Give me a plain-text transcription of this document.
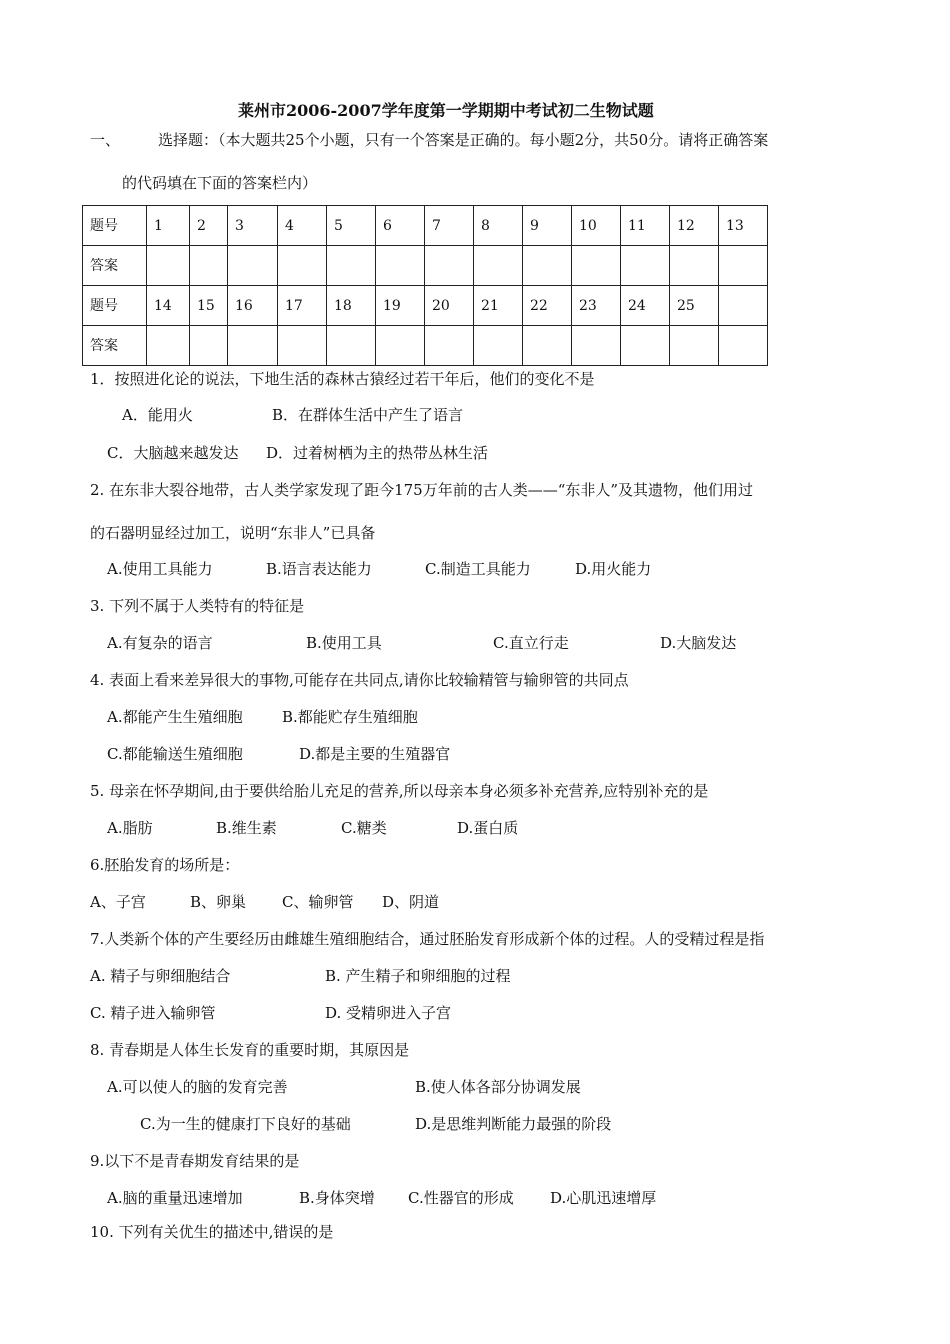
莱州市2006-2007学年度第一学期期中考试初二生物试题
一、	选择题：（本大题共25个小题，只有一个答案是正确的。每小题2分，共50分。请将正确答案
的代码填在下面的答案栏内）
题号	1	2	3	4	5	6	7	8	9	10	11	12	13
答案													
题号	14	15	16	17	18	19	20	21	22	23	24	25	
答案													
1．按照进化论的说法，下地生活的森林古猿经过若干年后，他们的变化不是
A．能用火	B．在群体生活中产生了语言
C．大脑越来越发达 D．过着树栖为主的热带丛林生活
2. 在东非大裂谷地带，古人类学家发现了距今175万年前的古人类——“东非人”及其遗物，他们用过
的石器明显经过加工，说明“东非人”已具备
A.使用工具能力	B.语言表达能力	C.制造工具能力	D.用火能力
3. 下列不属于人类特有的特征是
A.有复杂的语言	B.使用工具	C.直立行走	D.大脑发达
4. 表面上看来差异很大的事物,可能存在共同点,请你比较输精管与输卵管的共同点
A.都能产生生殖细胞	B.都能贮存生殖细胞
C.都能输送生殖细胞	D.都是主要的生殖器官
5. 母亲在怀孕期间,由于要供给胎儿充足的营养,所以母亲本身必须多补充营养,应特别补充的是
A.脂肪	B.维生素	C.糖类	D.蛋白质
6.胚胎发育的场所是：
A、子宫	B、卵巢 C、输卵管 D、阴道
7.人类新个体的产生要经历由雌雄生殖细胞结合，通过胚胎发育形成新个体的过程。人的受精过程是指
A. 精子与卵细胞结合	B. 产生精子和卵细胞的过程
C. 精子进入输卵管	D. 受精卵进入子宫
8. 青春期是人体生长发育的重要时期，其原因是
A.可以使人的脑的发育完善	B.使人体各部分协调发展
C.为一生的健康打下良好的基础	D.是思维判断能力最强的阶段
9.以下不是青春期发育结果的是
A.脑的重量迅速增加	B.身体突增 C.性器官的形成 D.心肌迅速增厚
10. 下列有关优生的描述中,错误的是
